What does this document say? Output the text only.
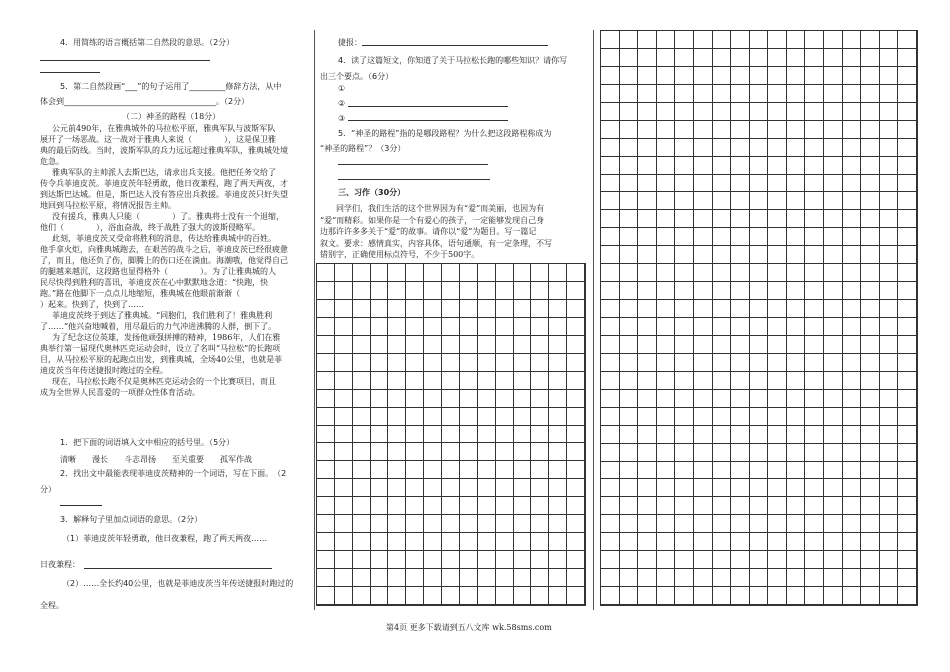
4．用简练的语言概括第二自然段的意思。（2分）
5．第二自然段画“___”的句子运用了_________修辞方法，从中
体会到______________________________________。（2分）
（二）神圣的路程（18分）
公元前490年，在雅典城外的马拉松平原，雅典军队与波斯军队
展开了一场恶战。这一战对于雅典人来说（　　　　），这是保卫雅
典的最后防线。当时，波斯军队的兵力远远超过雅典军队，雅典城处境
危急。
雅典军队的主帅派人去斯巴达，请求出兵支援。他把任务交给了
传令兵菲迪皮茨。菲迪皮茨年轻勇敢，他日夜兼程，跑了两天两夜，才
到达斯巴达城。但是，斯巴达人没有答应出兵救援。菲迪皮茨只好失望
地回到马拉松平原，将情况报告主帅。
没有援兵，雅典人只能（　　　　）了。雅典将士没有一个退缩，
他们（　　　　），浴血奋战，终于战胜了强大的波斯侵略军。
此刻，菲迪皮茨又受命将胜利的消息，传达给雅典城中的百姓。
他手拿火炬，向雅典城跑去，在艰苦的战斗之后，菲迪皮茨已经很疲惫
了，而且，他还负了伤，脚腾上的伤口还在淌血。海潮哦，他觉得自己
的腿越来越沉，这段路也显得格外（　　　　）。为了让雅典城的人
民尽快得到胜利的喜讯，菲迪皮茨在心中默默地念道：“快跑，快
跑。”路在他脚下一点点儿地缩短，雅典城在他眼前渐渐（
）起来。快到了，快到了……
菲迪皮茨终于到达了雅典城。“同胞们，我们胜利了！雅典胜利
了……”他兴奋地喊着，用尽最后的力气冲进沸腾的人群，倒下了。
为了纪念这位英雄，发扬他顽强拼搏的精神，1986年，人们在雅
典举行第一届现代奥林匹克运动会时，设立了名叫“马拉松”的长跑项
目，从马拉松平原的起跑点出发，到雅典城，全场40公里，也就是菲
迪皮茨当年传送捷报时跑过的全程。
现在，马拉松长跑不仅是奥林匹克运动会的一个比赛项目，而且
成为全世界人民喜爱的一项群众性体育活动。
1．把下面的词语填入文中相应的括号里。（5分）
清晰　　漫长　　斗志昂扬　　至关重要　　孤军作战
2．找出文中最能表现菲迪皮茨精神的一个词语，写在下面。　（2
分）
3．解释句子里加点词语的意思。（2分）
（1）菲迪皮茨年轻勇敢，他日夜兼程，跑了两天两夜……
日夜兼程：
（2）……全长约40公里，也就是菲迪皮茨当年传送捷报时跑过的
全程。
捷报：
4．读了这篇短文，你知道了关于马拉松长跑的哪些知识？请你写
出三个要点。（6分）
①
②
③
5．“神圣的路程”指的是哪段路程？为什么把这段路程称成为
“神圣的路程”？（3分）
三、习作（30分）
同学们，我们生活的这个世界因为有“爱”而美丽，也因为有
“爱”而精彩。如果你是一个有爱心的孩子，一定能够发现自己身
边那许许多多关于“爱”的故事。请你以“爱”为题目。写一篇记
叙文。要求：感情真实，内容具体，语句通顺，有一定条理，不写
错别字，正确使用标点符号，不少于500字。
第4页 更多下载请到五八文库 wk.58sms.com
